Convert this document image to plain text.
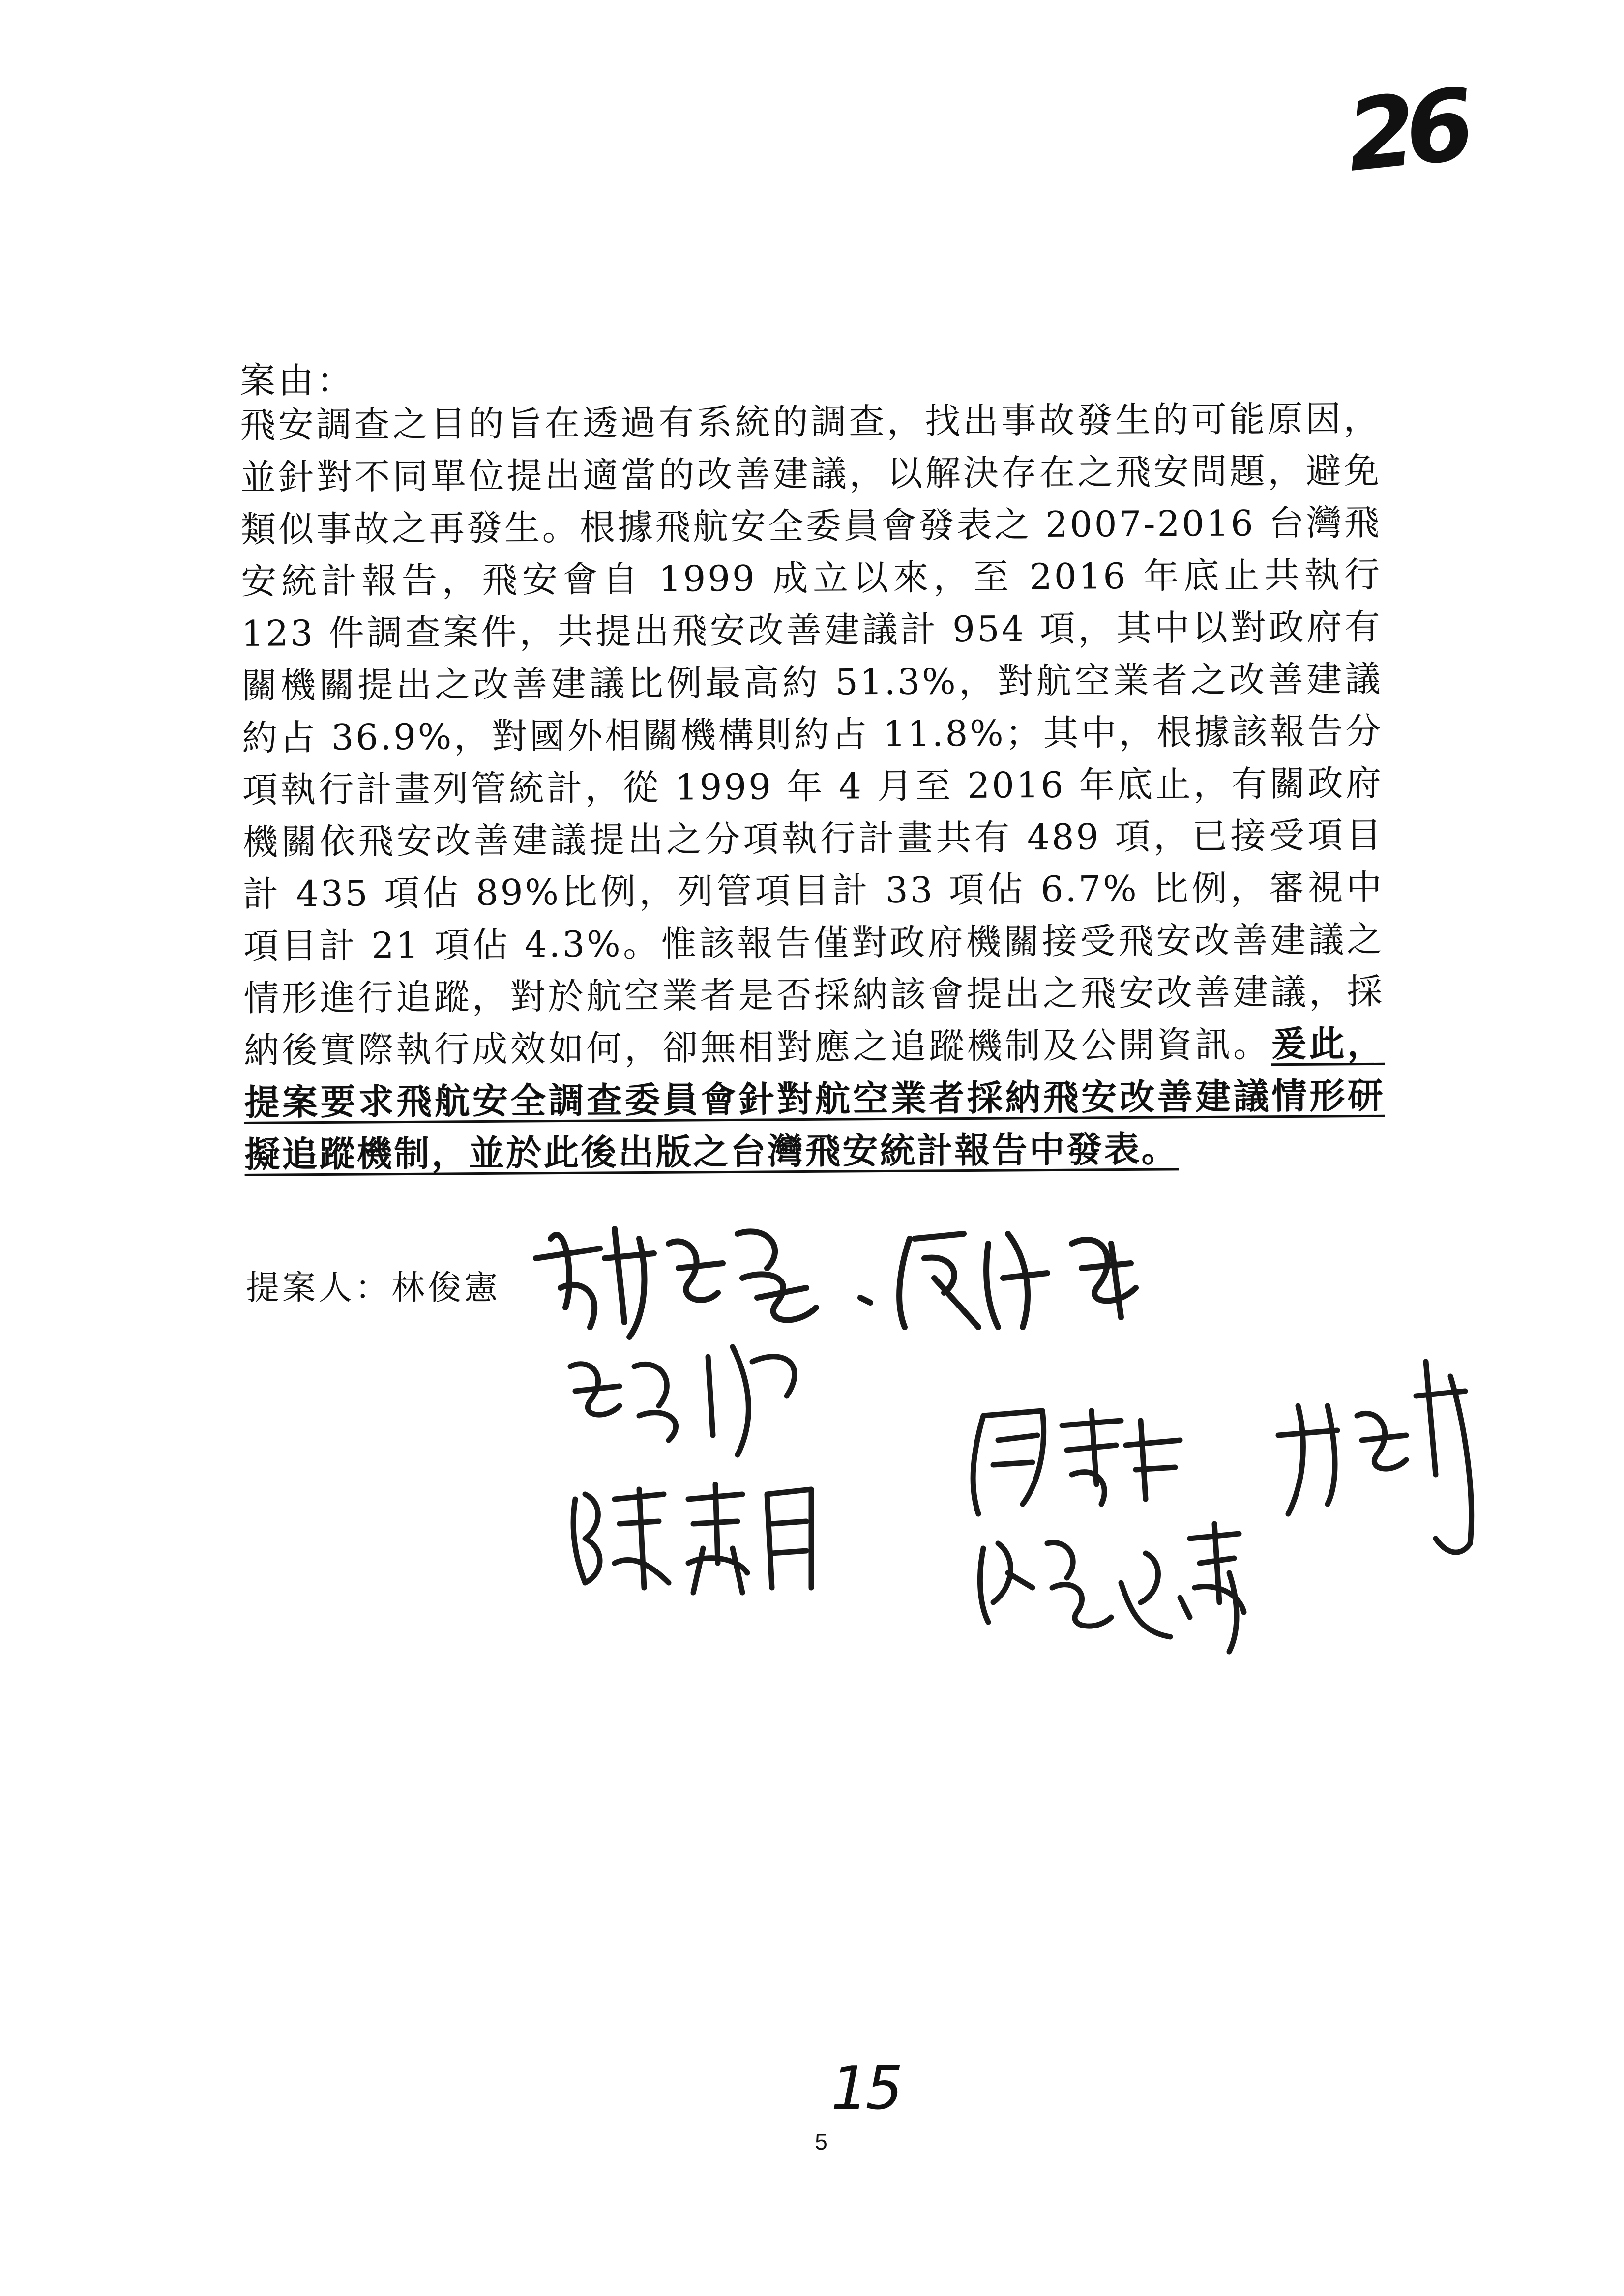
26
案由：
飛安調查之目的旨在透過有系統的調查，找出事故發生的可能原因，並針對不同單位提出適當的改善建議，以解決存在之飛安問題，避免類似事故之再發生。根據飛航安全委員會發表之 2007-2016 台灣飛安統計報告，飛安會自 1999 成立以來，至 2016 年底止共執行 123 件調查案件，共提出飛安改善建議計 954 項，其中以對政府有關機關提出之改善建議比例最高約 51.3%，對航空業者之改善建議約占 36.9%，對國外相關機構則約占 11.8%；其中，根據該報告分項執行計畫列管統計，從 1999 年 4 月至 2016 年底止，有關政府機關依飛安改善建議提出之分項執行計畫共有 489 項，已接受項目計 435 項佔 89%比例，列管項目計 33 項佔 6.7% 比例，審視中項目計 21 項佔 4.3%。惟該報告僅對政府機關接受飛安改善建議之情形進行追蹤，對於航空業者是否採納該會提出之飛安改善建議，採納後實際執行成效如何，卻無相對應之追蹤機制及公開資訊。爰此，提案要求飛航安全調查委員會針對航空業者採納飛安改善建議情形研擬追蹤機制，並於此後出版之台灣飛安統計報告中發表。
提案人：林俊憲
15
5
